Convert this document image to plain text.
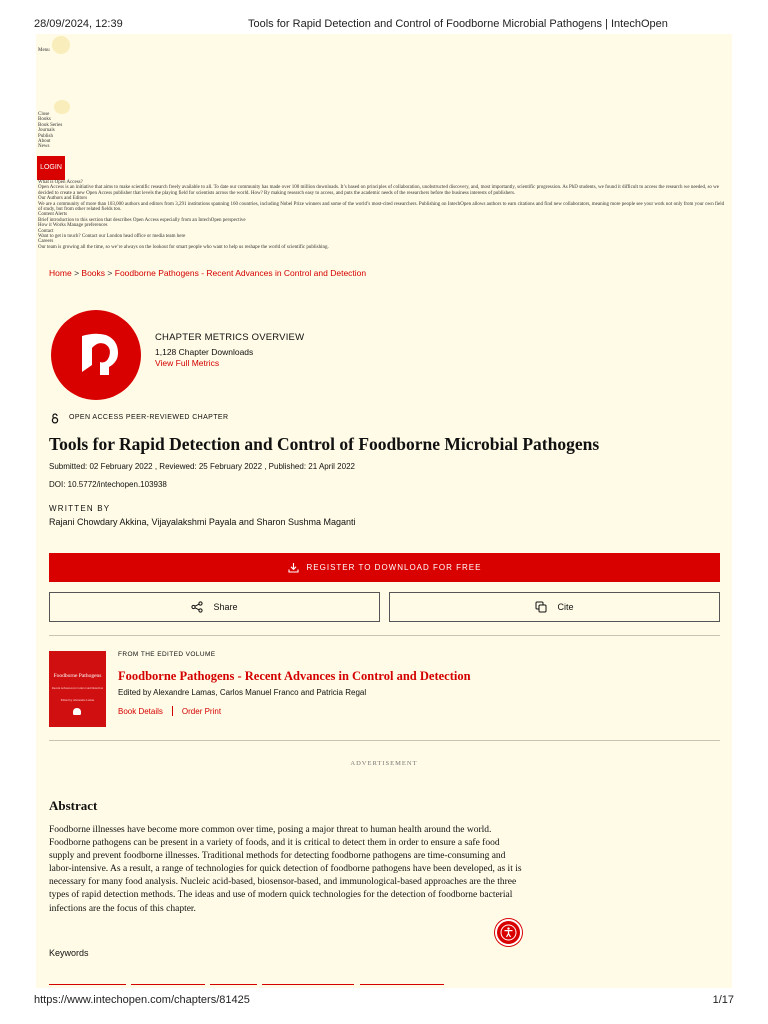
28/09/2024, 12:39	Tools for Rapid Detection and Control of Foodborne Microbial Pathogens | IntechOpen
Menu
Close
Books
Book Series
Journals
Publish
About
News
LOGIN
What is Open Access?
Open Access is an initiative that aims to make scientific research freely available to all. To date our community has made over 100 million downloads. It’s based on principles of collaboration, unobstructed discovery, and, most importantly, scientific progression. As PhD students, we found it difficult to access the research we needed, so we decided to create a new Open Access publisher that levels the playing field for scientists across the world. How? By making research easy to access, and puts the academic needs of the researchers before the business interests of publishers.
Our Authors and Editors
We are a community of more than 103,000 authors and editors from 3,291 institutions spanning 160 countries, including Nobel Prize winners and some of the world’s most-cited researchers. Publishing on IntechOpen allows authors to earn citations and find new collaborators, meaning more people see your work not only from your own field of study, but from other related fields too.
Content Alerts
Brief introduction to this section that describes Open Access especially from an IntechOpen perspective
How it Works Manage preferences
Contact
Want to get in touch? Contact our London head office or media team here
Careers
Our team is growing all the time, so we’re always on the lookout for smart people who want to help us reshape the world of scientific publishing.
Home > Books > Foodborne Pathogens - Recent Advances in Control and Detection
CHAPTER METRICS OVERVIEW
1,128 Chapter Downloads
View Full Metrics
OPEN ACCESS PEER-REVIEWED CHAPTER
Tools for Rapid Detection and Control of Foodborne Microbial Pathogens
Submitted: 02 February 2022 , Reviewed: 25 February 2022 , Published: 21 April 2022
DOI: 10.5772/intechopen.103938
WRITTEN BY
Rajani Chowdary Akkina, Vijayalakshmi Payala and Sharon Sushma Maganti
REGISTER TO DOWNLOAD FOR FREE
Share	Cite
Foodborne Pathogens
Recent Advances in Control and Detection
Edited by Alexandre Lamas
FROM THE EDITED VOLUME
Foodborne Pathogens - Recent Advances in Control and Detection
Edited by Alexandre Lamas, Carlos Manuel Franco and Patricia Regal
Book Details Order Print
ADVERTISEMENT
Abstract

Foodborne illnesses have become more common over time, posing a major threat to human health around the world. Foodborne pathogens can be present in a variety of foods, and it is critical to detect them in order to ensure a safe food supply and prevent foodborne illnesses. Traditional methods for detecting foodborne pathogens are time-consuming and labor-intensive. As a result, a range of technologies for quick detection of foodborne pathogens have been developed, as it is necessary for many food analysis. Nucleic acid-based, biosensor-based, and immunological-based approaches are the three types of rapid detection methods. The ideas and use of modern quick technologies for the detection of foodborne bacterial infections are the focus of this chapter.

Keywords
https://www.intechopen.com/chapters/81425	1/17
